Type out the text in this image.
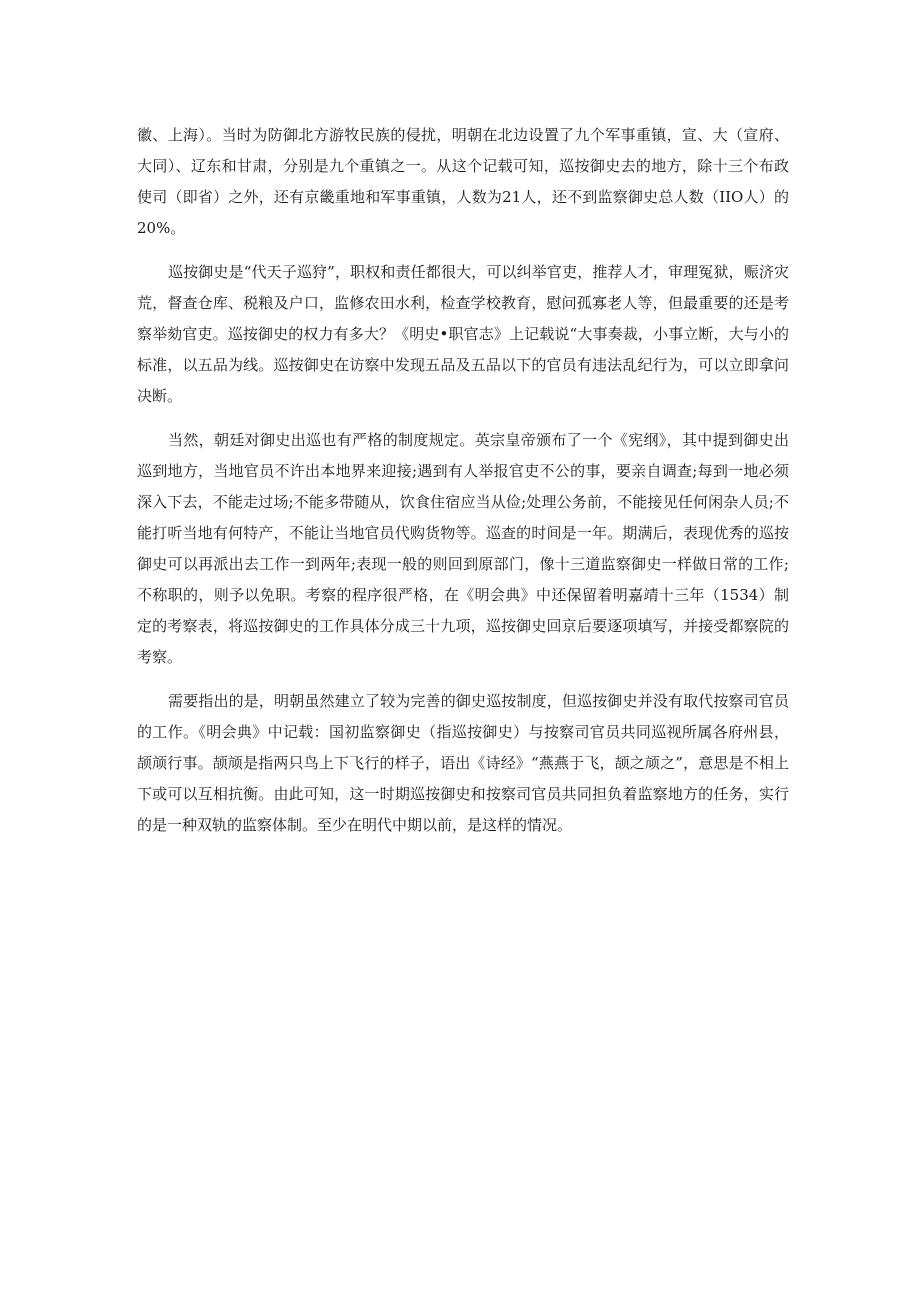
徽、上海）。当时为防御北方游牧民族的侵扰，明朝在北边设置了九个军事重镇，宣、大（宣府、大同）、辽东和甘肃，分别是九个重镇之一。从这个记载可知，巡按御史去的地方，除十三个布政使司（即省）之外，还有京畿重地和军事重镇，人数为21人，还不到监察御史总人数（IIO人）的20%。

巡按御史是“代天子巡狩”，职权和责任都很大，可以纠举官吏，推荐人才，审理冤狱，赈济灾荒，督查仓库、税粮及户口，监修农田水利，检查学校教育，慰问孤寡老人等，但最重要的还是考察举劾官吏。巡按御史的权力有多大？《明史•职官志》上记载说“大事奏裁，小事立断，大与小的标准，以五品为线。巡按御史在访察中发现五品及五品以下的官员有违法乱纪行为，可以立即拿问决断。

当然，朝廷对御史出巡也有严格的制度规定。英宗皇帝颁布了一个《宪纲》，其中提到御史出巡到地方，当地官员不许出本地界来迎接;遇到有人举报官吏不公的事，要亲自调查;每到一地必须深入下去，不能走过场;不能多带随从，饮食住宿应当从俭;处理公务前，不能接见任何闲杂人员;不能打听当地有何特产，不能让当地官员代购货物等。巡查的时间是一年。期满后，表现优秀的巡按御史可以再派出去工作一到两年;表现一般的则回到原部门，像十三道监察御史一样做日常的工作;不称职的，则予以免职。考察的程序很严格，在《明会典》中还保留着明嘉靖十三年（1534）制定的考察表，将巡按御史的工作具体分成三十九项，巡按御史回京后要逐项填写，并接受都察院的考察。

需要指出的是，明朝虽然建立了较为完善的御史巡按制度，但巡按御史并没有取代按察司官员的工作。《明会典》中记载：国初监察御史（指巡按御史）与按察司官员共同巡视所属各府州县，颉颃行事。颉颃是指两只鸟上下飞行的样子，语出《诗经》“燕燕于飞，颉之颃之”，意思是不相上下或可以互相抗衡。由此可知，这一时期巡按御史和按察司官员共同担负着监察地方的任务，实行的是一种双轨的监察体制。至少在明代中期以前，是这样的情况。
